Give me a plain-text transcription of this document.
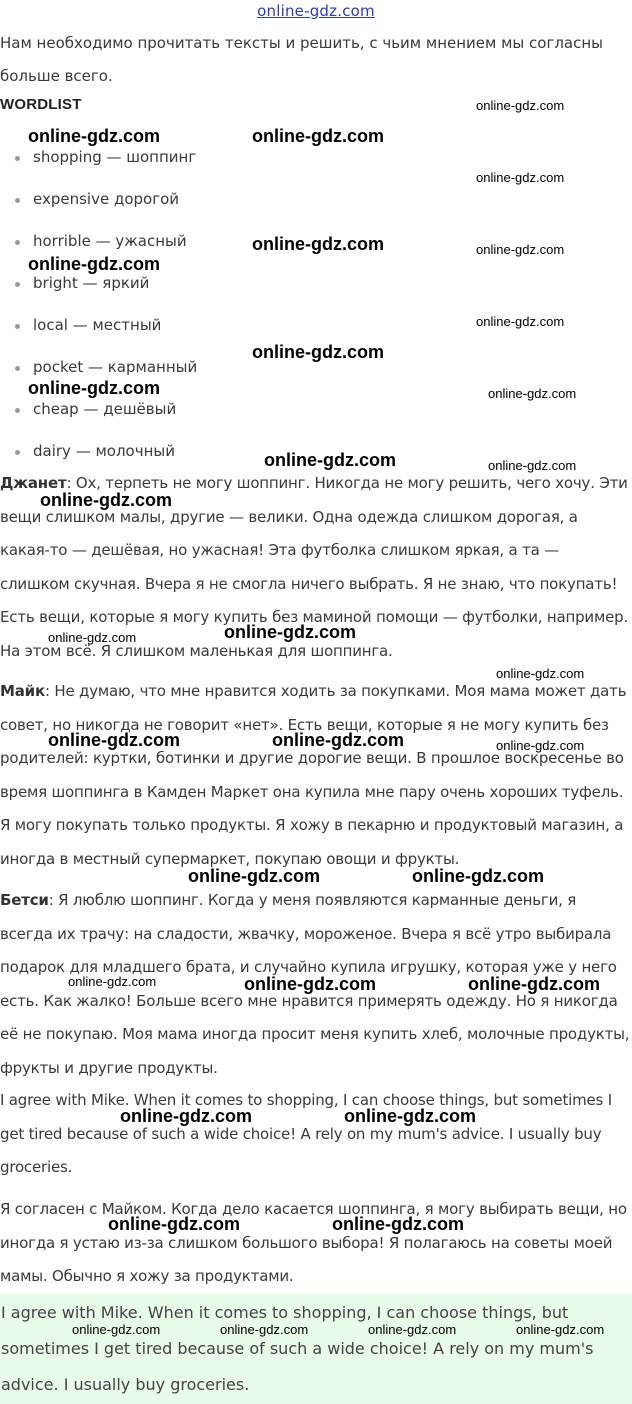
online-gdz.com

Нам необходимо прочитать тексты и решить, с чьим мнением мы согласны больше всего.

WORDLIST
shopping — шоппинг
expensive дорогой
horrible — ужасный
bright — яркий
local — местный
pocket — карманный
cheap — дешёвый
dairy — молочный

Джанет: Ох, терпеть не могу шоппинг. Никогда не могу решить, чего хочу. Эти вещи слишком малы, другие — велики. Одна одежда слишком дорогая, а какая-то — дешёвая, но ужасная! Эта футболка слишком яркая, а та — слишком скучная. Вчера я не смогла ничего выбрать. Я не знаю, что покупать! Есть вещи, которые я могу купить без маминой помощи — футболки, например. На этом всё. Я слишком маленькая для шоппинга.

Майк: Не думаю, что мне нравится ходить за покупками. Моя мама может дать совет, но никогда не говорит «нет». Есть вещи, которые я не могу купить без родителей: куртки, ботинки и другие дорогие вещи. В прошлое воскресенье во время шоппинга в Камден Маркет она купила мне пару очень хороших туфель. Я могу покупать только продукты. Я хожу в пекарню и продуктовый магазин, а иногда в местный супермаркет, покупаю овощи и фрукты.

Бетси: Я люблю шоппинг. Когда у меня появляются карманные деньги, я всегда их трачу: на сладости, жвачку, мороженое. Вчера я всё утро выбирала подарок для младшего брата, и случайно купила игрушку, которая уже у него есть. Как жалко! Больше всего мне нравится примерять одежду. Но я никогда её не покупаю. Моя мама иногда просит меня купить хлеб, молочные продукты, фрукты и другие продукты.

I agree with Mike. When it comes to shopping, I can choose things, but sometimes I get tired because of such a wide choice! A rely on my mum's advice. I usually buy groceries.

Я согласен с Майком. Когда дело касается шоппинга, я могу выбирать вещи, но иногда я устаю из-за слишком большого выбора! Я полагаюсь на советы моей мамы. Обычно я хожу за продуктами.

I agree with Mike. When it comes to shopping, I can choose things, but sometimes I get tired because of such a wide choice! A rely on my mum's advice. I usually buy groceries.

online-gdz.com
online-gdz.com	online-gdz.com
online-gdz.com
online-gdz.com	online-gdz.com
online-gdz.com
online-gdz.com
online-gdz.com
online-gdz.com	online-gdz.com
online-gdz.com	online-gdz.com
online-gdz.com
online-gdz.com
online-gdz.com
online-gdz.com
online-gdz.com	online-gdz.com	online-gdz.com
online-gdz.com	online-gdz.com
online-gdz.com	online-gdz.com	online-gdz.com
online-gdz.com	online-gdz.com
online-gdz.com	online-gdz.com
online-gdz.com	online-gdz.com	online-gdz.com	online-gdz.com
